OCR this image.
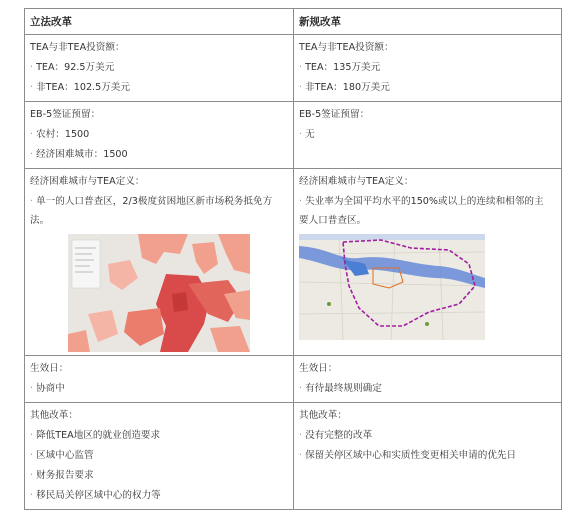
立法改革	新规改革
TEA与非TEA投资额：
· TEA：92.5万美元
· 非TEA：102.5万美元
TEA与非TEA投资额：
· TEA：135万美元
· 非TEA：180万美元
EB-5签证预留：
· 农村：1500
· 经济困难城市：1500
EB-5签证预留：
· 无
经济困难城市与TEA定义：
· 单一的人口普查区，2/3极度贫困地区新市场税务抵免方法。
经济困难城市与TEA定义：
· 失业率为全国平均水平的150%或以上的连续和相邻的主要人口普查区。
生效日：
· 协商中
生效日：
· 有待最终规则确定
其他改革：
· 降低TEA地区的就业创造要求
· 区域中心监管
· 财务报告要求
· 移民局关停区域中心的权力等
其他改革：
· 没有完整的改革
· 保留关停区域中心和实质性变更相关申请的优先日
